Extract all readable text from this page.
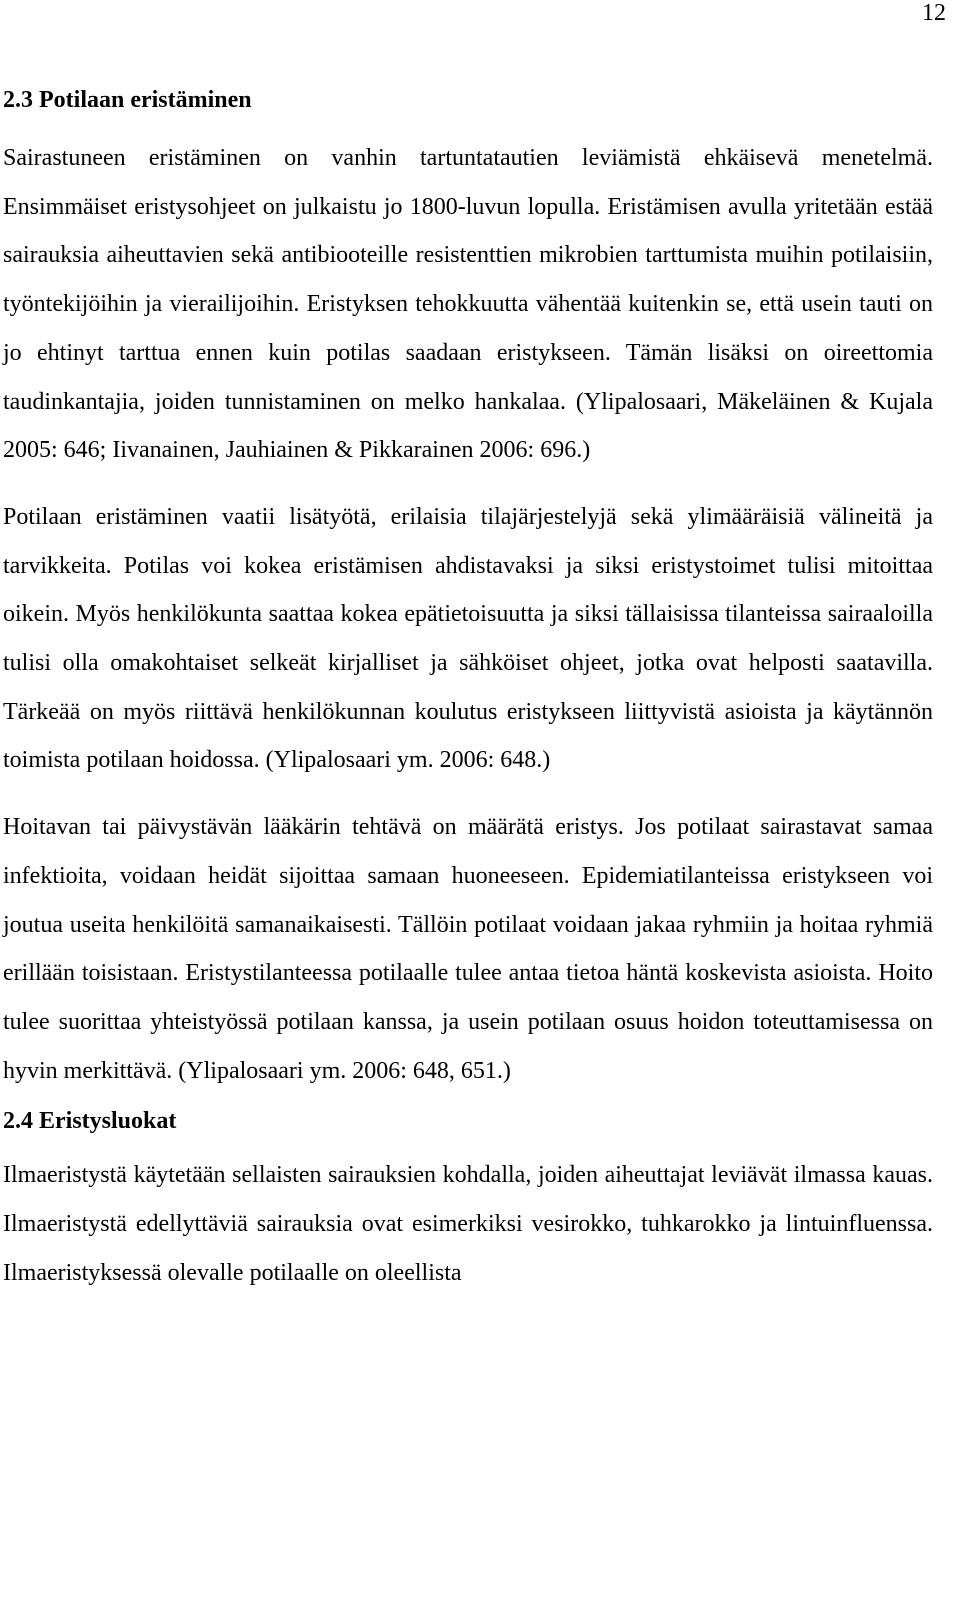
12
2.3 Potilaan eristäminen

Sairastuneen eristäminen on vanhin tartuntatautien leviämistä ehkäisevä menetelmä. Ensimmäiset eristysohjeet on julkaistu jo 1800-luvun lopulla. Eristämisen avulla yritetään estää sairauksia aiheuttavien sekä antibiooteille resistenttien mikrobien tarttumista muihin potilaisiin, työntekijöihin ja vierailijoihin. Eristyksen tehokkuutta vähentää kuitenkin se, että usein tauti on jo ehtinyt tarttua ennen kuin potilas saadaan eristykseen. Tämän lisäksi on oireettomia taudinkantajia, joiden tunnistaminen on melko hankalaa. (Ylipalosaari, Mäkeläinen & Kujala 2005: 646; Iivanainen, Jauhiainen & Pikkarainen 2006: 696.)

Potilaan eristäminen vaatii lisätyötä, erilaisia tilajärjestelyjä sekä ylimääräisiä välineitä ja tarvikkeita. Potilas voi kokea eristämisen ahdistavaksi ja siksi eristystoimet tulisi mitoittaa oikein. Myös henkilökunta saattaa kokea epätietoisuutta ja siksi tällaisissa tilanteissa sairaaloilla tulisi olla omakohtaiset selkeät kirjalliset ja sähköiset ohjeet, jotka ovat helposti saatavilla. Tärkeää on myös riittävä henkilökunnan koulutus eristykseen liittyvistä asioista ja käytännön toimista potilaan hoidossa. (Ylipalosaari ym. 2006: 648.)

Hoitavan tai päivystävän lääkärin tehtävä on määrätä eristys. Jos potilaat sairastavat samaa infektioita, voidaan heidät sijoittaa samaan huoneeseen. Epidemiatilanteissa eristykseen voi joutua useita henkilöitä samanaikaisesti. Tällöin potilaat voidaan jakaa ryhmiin ja hoitaa ryhmiä erillään toisistaan. Eristystilanteessa potilaalle tulee antaa tietoa häntä koskevista asioista. Hoito tulee suorittaa yhteistyössä potilaan kanssa, ja usein potilaan osuus hoidon toteuttamisessa on hyvin merkittävä. (Ylipalosaari ym. 2006: 648, 651.)

2.4 Eristysluokat

Ilmaeristystä käytetään sellaisten sairauksien kohdalla, joiden aiheuttajat leviävät ilmassa kauas. Ilmaeristystä edellyttäviä sairauksia ovat esimerkiksi vesirokko, tuhkarokko ja lintuinfluenssa. Ilmaeristyksessä olevalle potilaalle on oleellista
